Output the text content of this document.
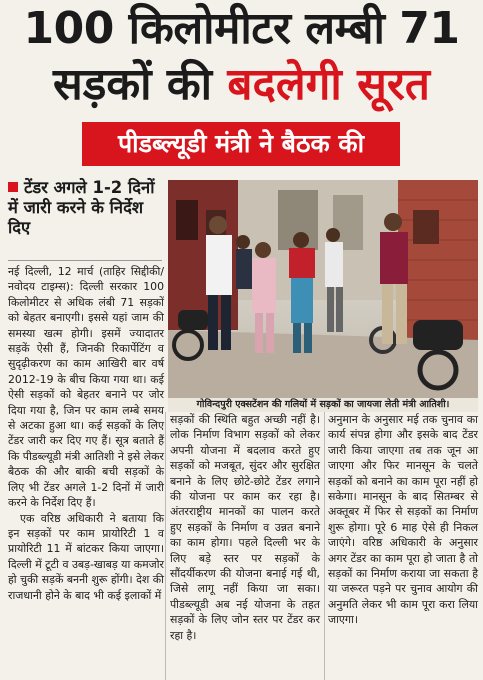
100 किलोमीटर लम्बी 71
सड़कों की बदलेगी सूरत
पीडब्ल्यूडी मंत्री ने बैठक की
टेंडर अगले 1-2 दिनों में जारी करने के निर्देश दिए
गोविन्दपुरी एक्सटेंशन की गलियों में सड़कों का जायजा लेती मंत्री आतिशी।

नई दिल्ली, 12 मार्च (ताहिर सिद्दीकी/नवोदय टाइम्स): दिल्ली सरकार 100 किलोमीटर से अधिक लंबी 71 सड़कों को बेहतर बनाएगी। इससे यहां जाम की समस्या खत्म होगी। इसमें ज्यादातर सड़कें ऐसी हैं, जिनकी रिकार्पेटिंग व सुदृढ़ीकरण का काम आखिरी बार वर्ष 2012-19 के बीच किया गया था। कई ऐसी सड़कों को बेहतर बनाने पर जोर दिया गया है, जिन पर काम लम्बे समय से अटका हुआ था। कई सड़कों के लिए टेंडर जारी कर दिए गए हैं। सूत्र बताते हैं कि पीडब्ल्यूडी मंत्री आतिशी ने इसे लेकर बैठक की और बाकी बची सड़कों के लिए भी टेंडर अगले 1-2 दिनों में जारी करने के निर्देश दिए हैं।

एक वरिष्ठ अधिकारी ने बताया कि इन सड़कों पर काम प्रायोरिटी 1 व प्रायोरिटी 11 में बांटकर किया जाएगा। दिल्ली में टूटी व उबड़-खाबड़ या कमजोर हो चुकी सड़कें बननी शुरू होंगी। देश की राजधानी होने के बाद भी कई इलाकों में

सड़कों की स्थिति बहुत अच्छी नहीं है। लोक निर्माण विभाग सड़कों को लेकर अपनी योजना में बदलाव करते हुए सड़कों को मजबूत, सुंदर और सुरक्षित बनाने के लिए छोटे-छोटे टेंडर लगाने की योजना पर काम कर रहा है। अंतरराष्ट्रीय मानकों का पालन करते हुए सड़कों के निर्माण व उन्नत बनाने का काम होगा। पहले दिल्ली भर के लिए बड़े स्तर पर सड़कों के सौंदर्यीकरण की योजना बनाई गई थी, जिसे लागू नहीं किया जा सका। पीडब्ल्यूडी अब नई योजना के तहत सड़कों के लिए जोन स्तर पर टेंडर कर रहा है।

अनुमान के अनुसार मई तक चुनाव का कार्य संपन्न होगा और इसके बाद टेंडर जारी किया जाएगा तब तक जून आ जाएगा और फिर मानसून के चलते सड़कों को बनाने का काम पूरा नहीं हो सकेगा। मानसून के बाद सितम्बर से अक्तूबर में फिर से सड़कों का निर्माण शुरू होगा। पूरे 6 माह ऐसे ही निकल जाएंगे। वरिष्ठ अधिकारी के अनुसार अगर टेंडर का काम पूरा हो जाता है तो सड़कों का निर्माण कराया जा सकता है या जरूरत पड़ने पर चुनाव आयोग की अनुमति लेकर भी काम पूरा करा लिया जाएगा।
